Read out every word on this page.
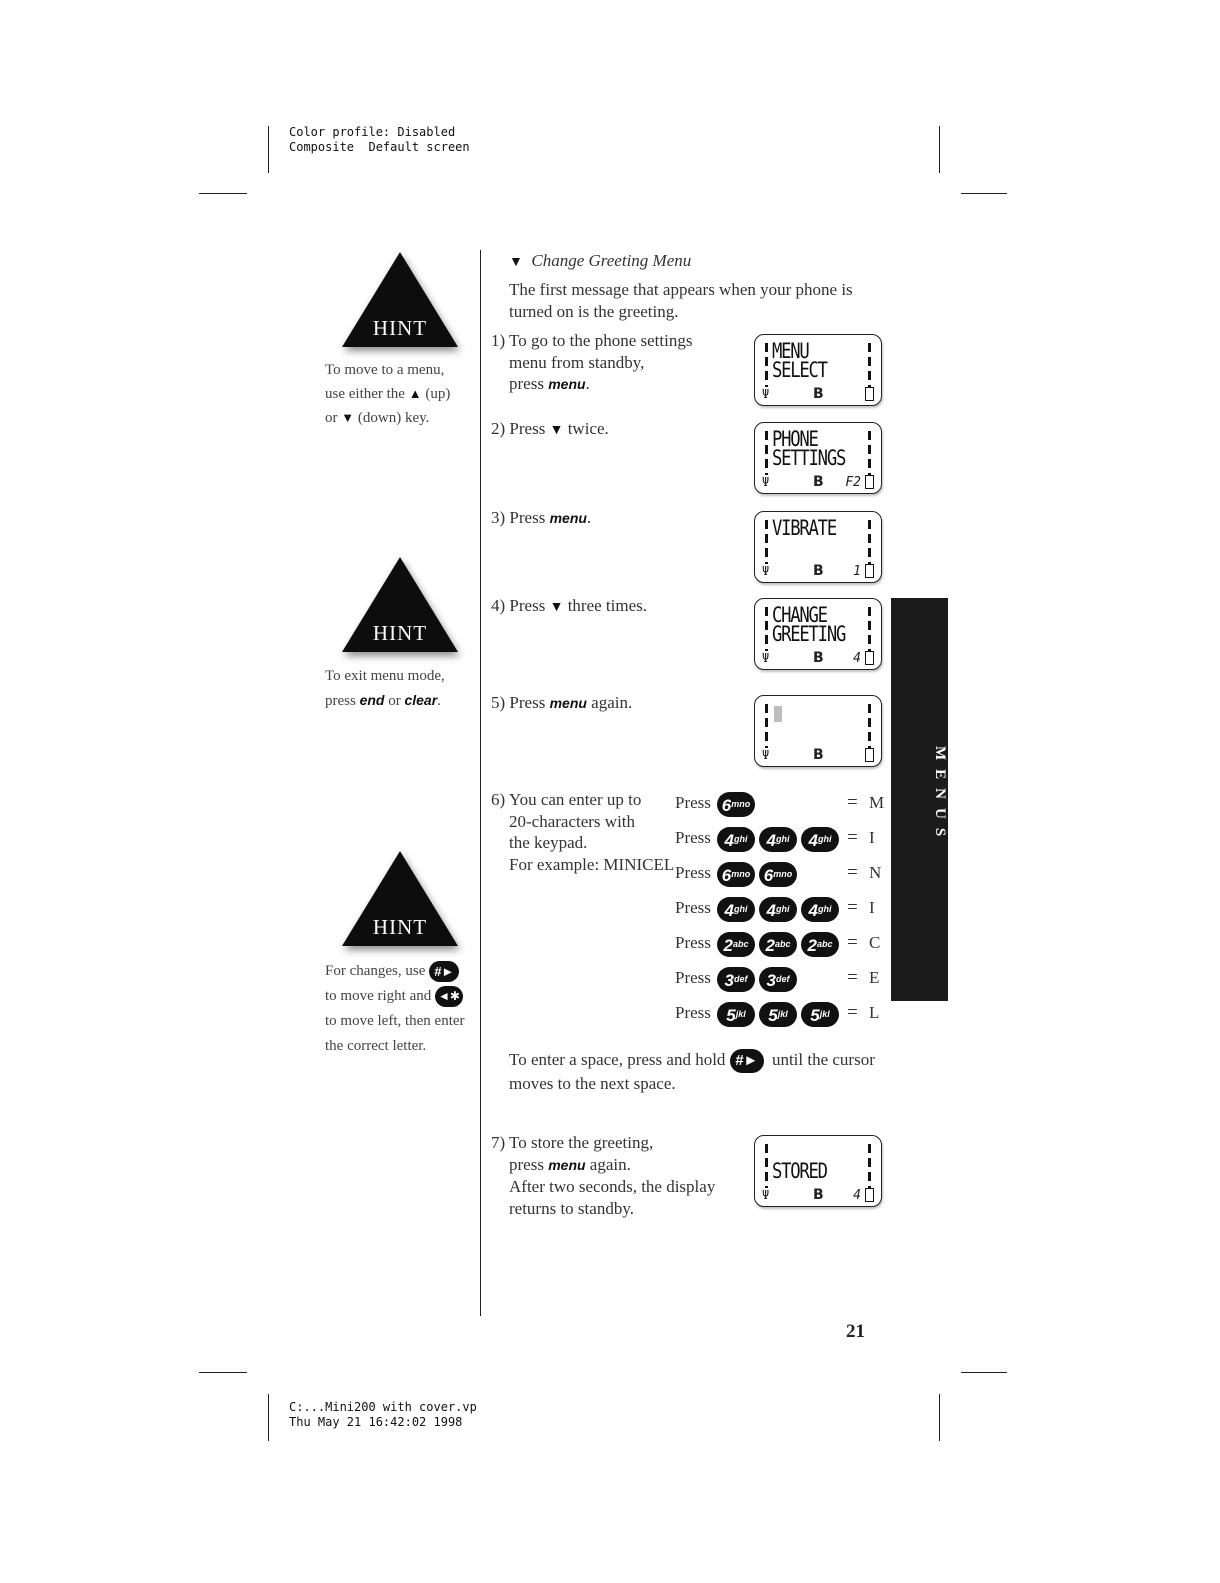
Color profile: Disabled
Composite  Default screen
C:...Mini200 with cover.vp
Thu May 21 16:42:02 1998
HINT
To move to a menu,
use either the ▲ (up)
or ▼ (down) key.
HINT
To exit menu mode,
press end or clear.
HINT
For changes, use #►
to move right and ◄✱
to move left, then enter
the correct letter.
▼ Change Greeting Menu
The first message that appears when your phone is
turned on is the greeting.
1) To go to the phone settings
menu from standby,
press menu.
2) Press ▼ twice.
3) Press menu.
4) Press ▼ three times.
5) Press menu again.
MENU
SELECT
Ψ	B
PHONE
SETTINGS
Ψ	B F2
VIBRATE
Ψ	B 1
CHANGE
GREETING
Ψ	B 4
Ψ	B
STORED
Ψ	B 4
6) You can enter up to
20-characters with
the keypad.
For example: MINICEL
Press $6^{mno}$	= M
Press $4^{ghi}$ $4^{ghi}$ $4^{ghi} = I$
Press $6^{mno}$ $6^{mno}$	= N
Press $4^{ghi}$ $4^{ghi}$ $4^{ghi} = I$
Press $2^{abc}$ $2^{abc}$ $2^{abc} = C$
Press $3^{def}$ $3^{def}$	= E
Press $5^{jkl}$ $5^{jkl}$ $5^{jkl} = L$
To enter a space, press and hold #► until the cursor
moves to the next space.
7) To store the greeting,
press menu again.
After two seconds, the display
returns to standby.
MENUS
21
